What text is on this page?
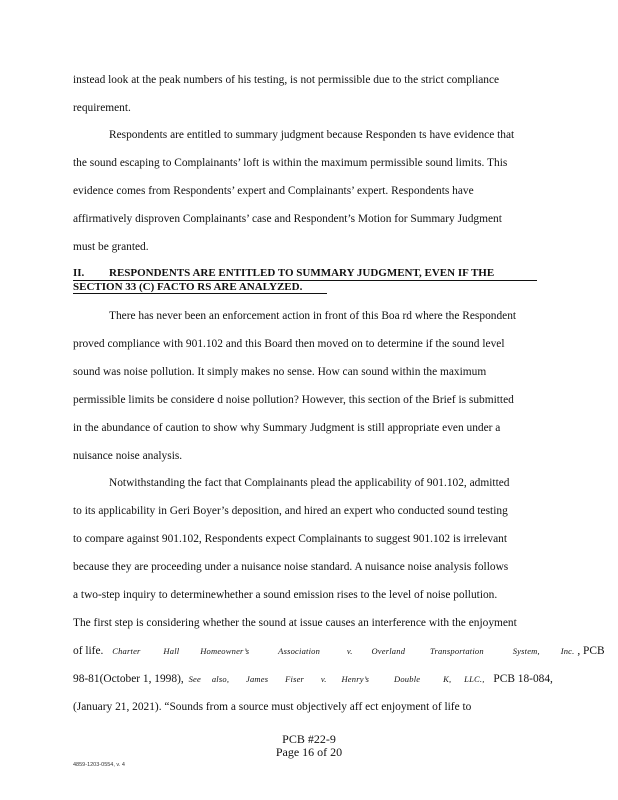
instead look at the peak numbers of his testing, is not permissible due to the strict compliance
requirement.
Respondents are entitled to summary judgment because Responden ts have evidence that
the sound escaping to Complainants’ loft is within the maximum permissible sound limits. This
evidence comes from Respondents’ expert and Complainants’ expert. Respondents have
affirmatively disproven Complainants’ case and Respondent’s Motion for Summary Judgment
must be granted.
II. RESPONDENTS ARE ENTITLED TO SUMMARY JUDGMENT, EVEN IF THE
SECTION 33 (C) FACTO RS ARE ANALYZED.
There has never been an enforcement action in front of this Boa rd where the Respondent
proved compliance with 901.102 and this Board then moved on to determine if the sound level
sound was noise pollution. It simply makes no sense. How can sound within the maximum
permissible limits be considere d noise pollution? However, this section of the Brief is submitted
in the abundance of caution to show why Summary Judgment is still appropriate even under a
nuisance noise analysis.
Notwithstanding the fact that Complainants plead the applicability of 901.102, admitted
to its applicability in Geri Boyer’s deposition, and hired an expert who conducted sound testing
to compare against 901.102, Respondents expect Complainants to suggest 901.102 is irrelevant
because they are proceeding under a nuisance noise standard. A nuisance noise analysis follows
a two-step inquiry to determinewhether a sound emission rises to the level of noise pollution.
The first step is considering whether the sound at issue causes an interference with the enjoyment
of life. Charter	Hall Homeowner’s	Association	v. Overland	Transportation	System, Inc. , PCB
98-81(October 1, 1998), See also, James Fiser v. Henry’s	Double	K, LLC., PCB 18-084,
(January 21, 2021). “Sounds from a source must objectively aff ect enjoyment of life to
PCB #22-9
Page 16 of 20
4859-1203-0554, v. 4
